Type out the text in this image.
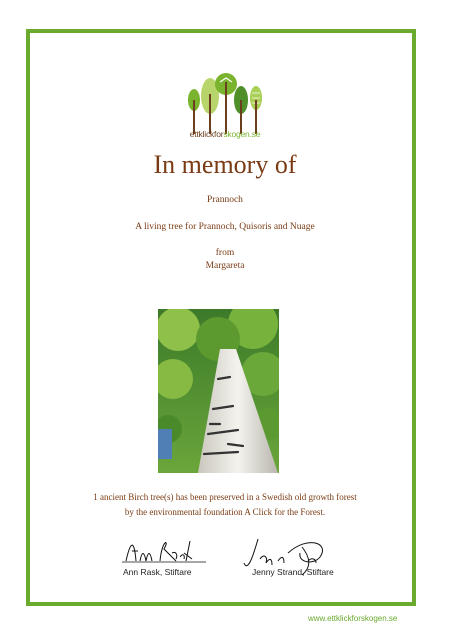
ettklickforskogen.se
In memory of
Prannoch
A living tree for Prannoch, Quisoris and Nuage
from
Margareta
1 ancient Birch tree(s) has been preserved in a Swedish old growth forest
by the environmental foundation A Click for the Forest.
Ann Rask, Stiftare	Jenny Strand, Stiftare
www.ettklickforskogen.se
